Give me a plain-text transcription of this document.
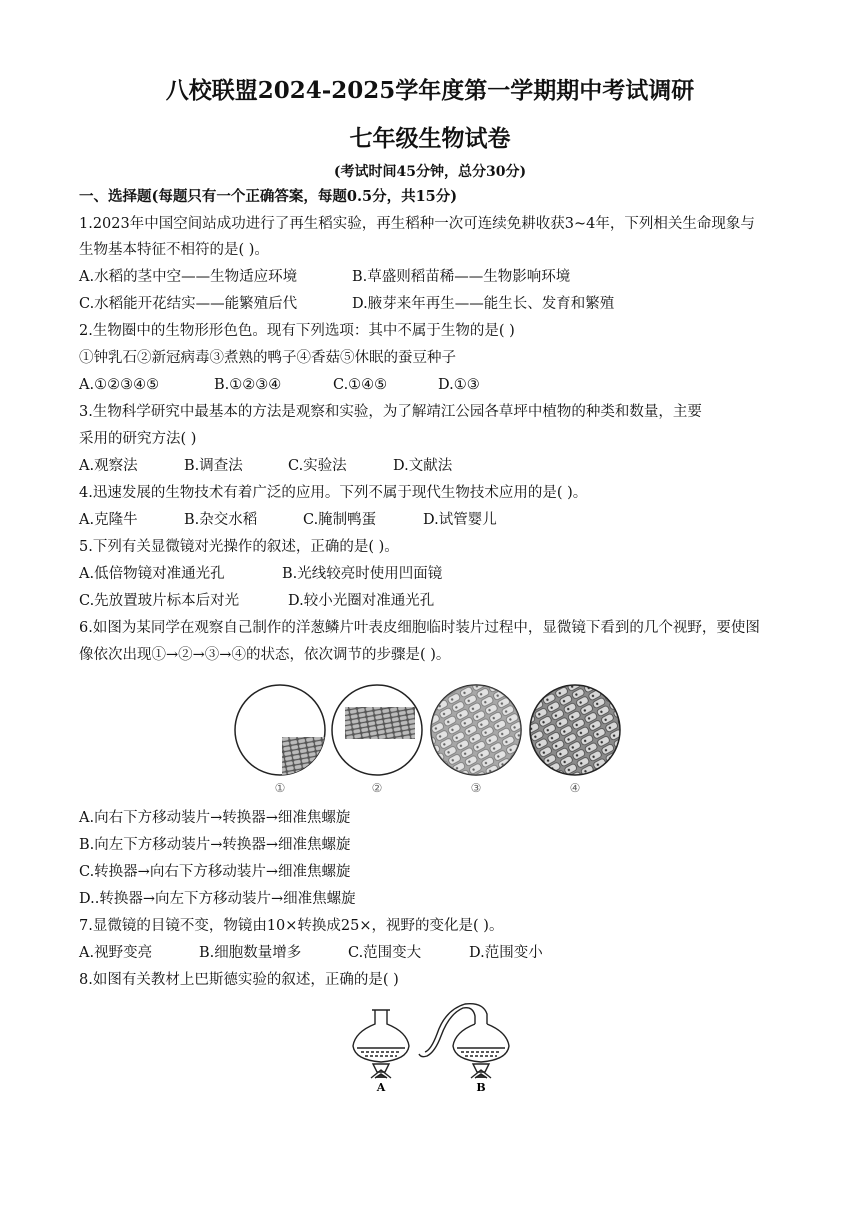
八校联盟2024-2025学年度第一学期期中考试调研
七年级生物试卷
(考试时间45分钟，总分30分)
一、选择题(每题只有一个正确答案，每题0.5分，共15分)
1.2023年中国空间站成功进行了再生稻实验，再生稻种一次可连续免耕收获3~4年，下列相关生命现象与
生物基本特征不相符的是( )。
A.水稻的茎中空——生物适应环境	B.草盛则稻苗稀——生物影响环境
C.水稻能开花结实——能繁殖后代	D.腋芽来年再生——能生长、发育和繁殖
2.生物圈中的生物形形色色。现有下列选项：其中不属于生物的是( )
①钟乳石②新冠病毒③煮熟的鸭子④香菇⑤休眠的蚕豆种子
A.①②③④⑤	B.①②③④	C.①④⑤	D.①③
3.生物科学研究中最基本的方法是观察和实验，为了解靖江公园各草坪中植物的种类和数量，主要
采用的研究方法( )
A.观察法	B.调查法	C.实验法	D.文献法
4.迅速发展的生物技术有着广泛的应用。下列不属于现代生物技术应用的是( )。
A.克隆牛	B.杂交水稻	C.腌制鸭蛋	D.试管婴儿
5.下列有关显微镜对光操作的叙述，正确的是( )。
A.低倍物镜对准通光孔	B.光线较亮时使用凹面镜
C.先放置玻片标本后对光	D.较小光圈对准通光孔
6.如图为某同学在观察自己制作的洋葱鳞片叶表皮细胞临时装片过程中，显微镜下看到的几个视野，要使图
像依次出现①→②→③→④的状态，依次调节的步骤是( )。
①	②	③	④
A.向右下方移动装片→转换器→细准焦螺旋
B.向左下方移动装片→转换器→细准焦螺旋
C.转换器→向右下方移动装片→细准焦螺旋
D..转换器→向左下方移动装片→细准焦螺旋
7.显微镜的目镜不变，物镜由10×转换成25×，视野的变化是( )。
A.视野变亮	B.细胞数量增多	C.范围变大	D.范围变小
8.如图有关教材上巴斯德实验的叙述，正确的是( )
A	B
